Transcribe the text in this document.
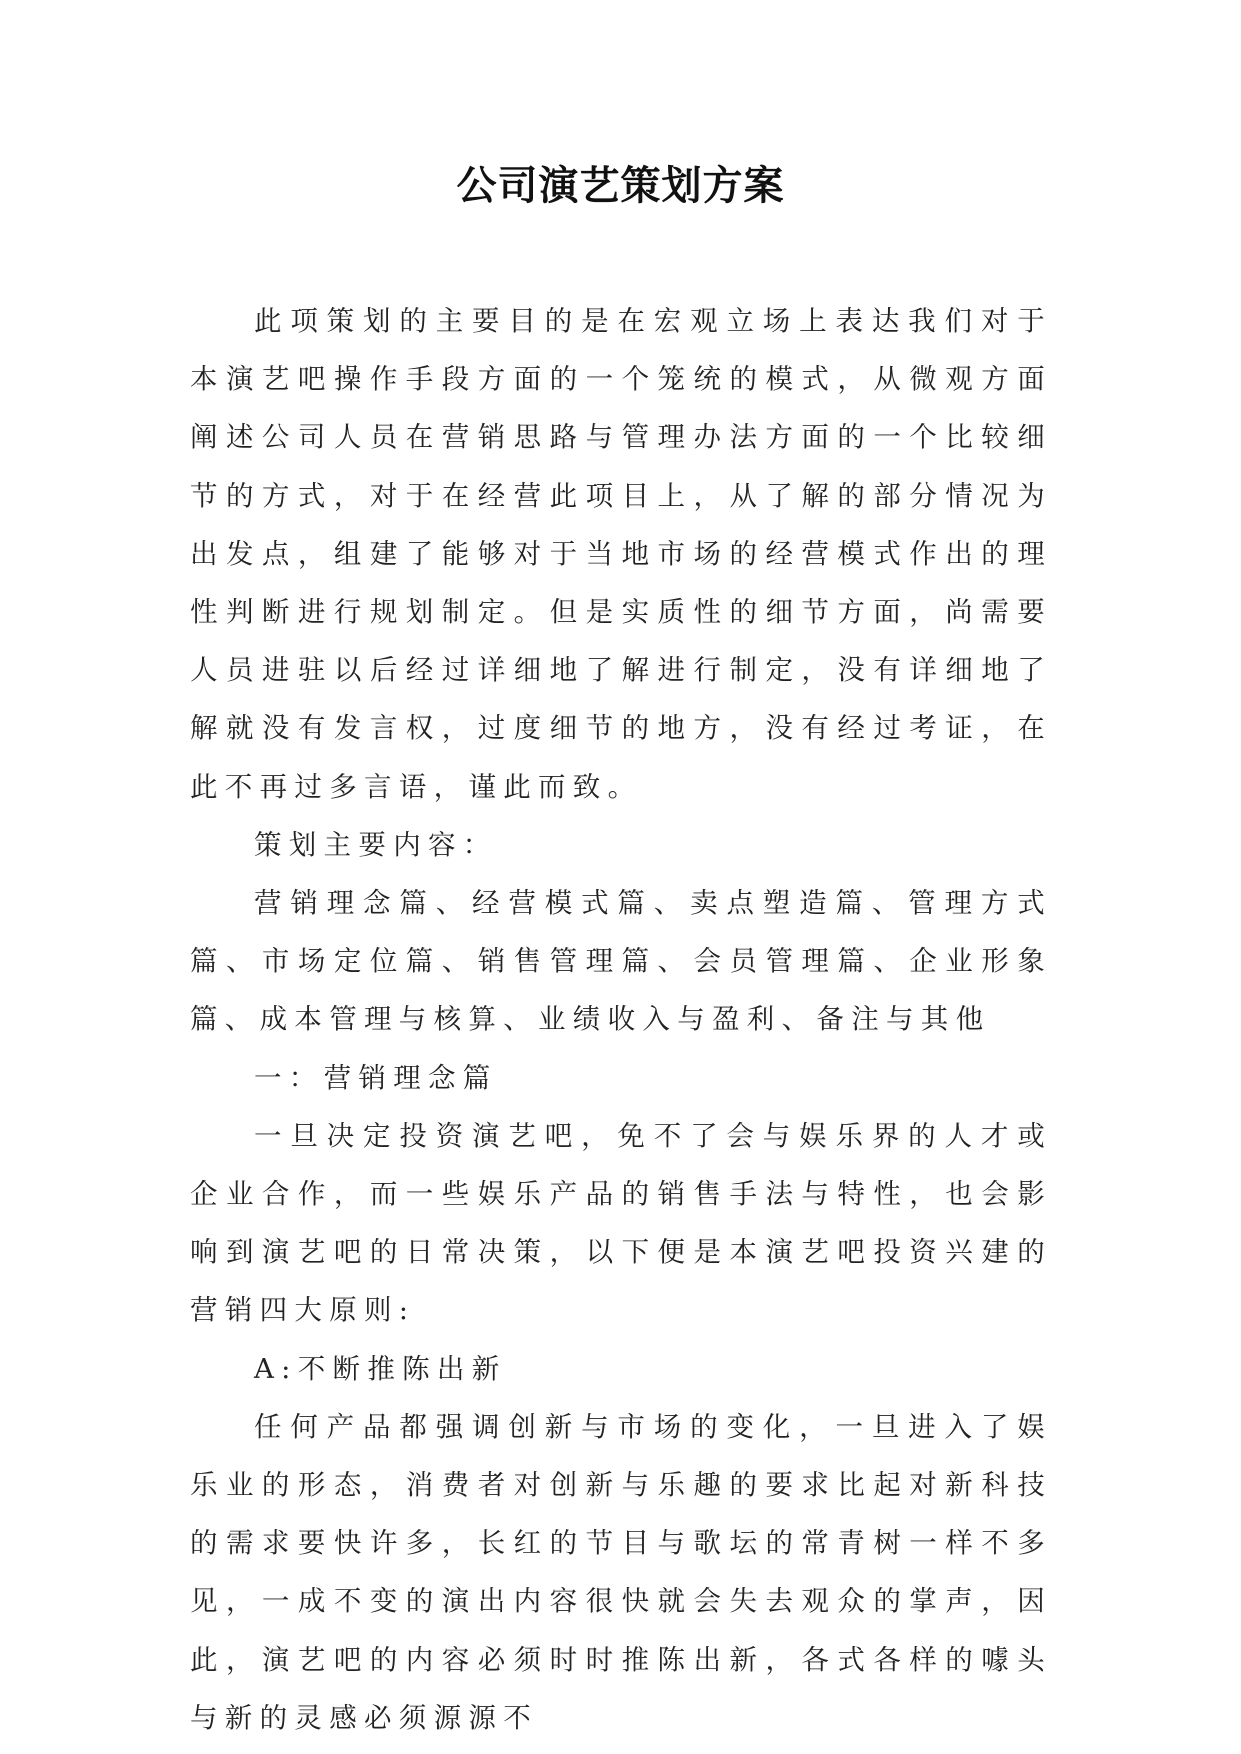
公司演艺策划方案

此项策划的主要目的是在宏观立场上表达我们对于本演艺吧操作手段方面的一个笼统的模式，从微观方面阐述公司人员在营销思路与管理办法方面的一个比较细节的方式，对于在经营此项目上，从了解的部分情况为出发点，组建了能够对于当地市场的经营模式作出的理性判断进行规划制定。但是实质性的细节方面，尚需要人员进驻以后经过详细地了解进行制定，没有详细地了解就没有发言权，过度细节的地方，没有经过考证，在此不再过多言语，谨此而致。

策划主要内容：

营销理念篇、经营模式篇、卖点塑造篇、管理方式篇、市场定位篇、销售管理篇、会员管理篇、企业形象篇、成本管理与核算、业绩收入与盈利、备注与其他

一：营销理念篇

一旦决定投资演艺吧，免不了会与娱乐界的人才或企业合作，而一些娱乐产品的销售手法与特性，也会影响到演艺吧的日常决策，以下便是本演艺吧投资兴建的营销四大原则:

A:不断推陈出新

任何产品都强调创新与市场的变化，一旦进入了娱乐业的形态，消费者对创新与乐趣的要求比起对新科技的需求要快许多，长红的节目与歌坛的常青树一样不多见，一成不变的演出内容很快就会失去观众的掌声，因此，演艺吧的内容必须时时推陈出新，各式各样的噱头与新的灵感必须源源不
